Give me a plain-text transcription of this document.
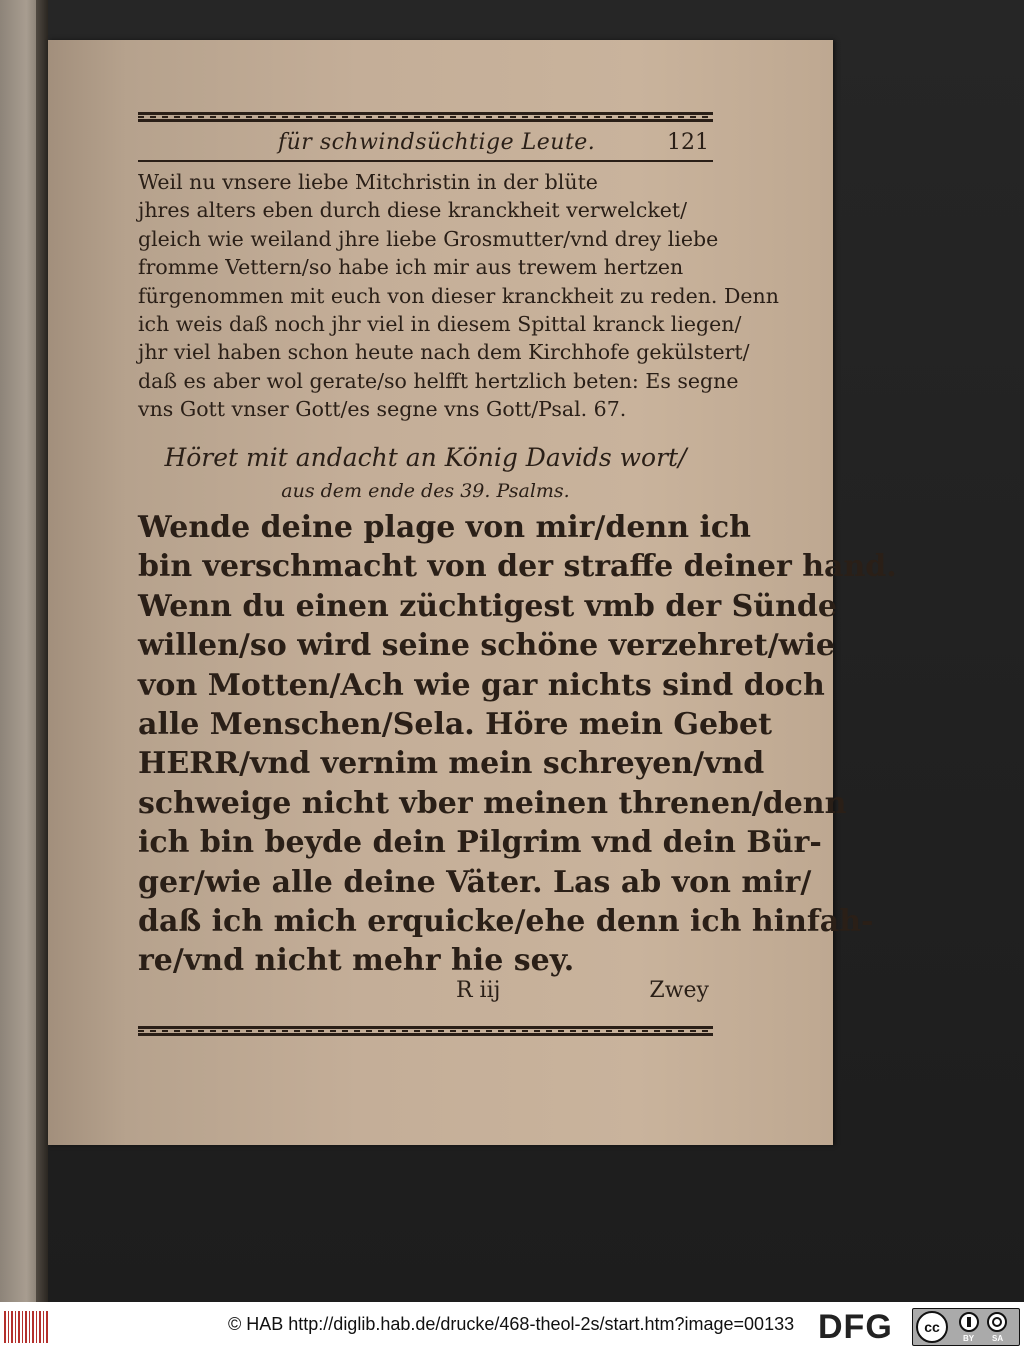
für schwindsüchtige Leute.	121
Weil nu vnsere liebe Mitchristin in der blüte
jhres alters eben durch diese kranckheit verwelcket/
gleich wie weiland jhre liebe Grosmutter/vnd drey liebe
fromme Vettern/so habe ich mir aus trewem hertzen
fürgenommen mit euch von dieser kranckheit zu reden. Denn
ich weis daß noch jhr viel in diesem Spittal kranck liegen/
jhr viel haben schon heute nach dem Kirchhofe gekülstert/
daß es aber wol gerate/so helfft hertzlich beten: Es segne
vns Gott vnser Gott/es segne vns Gott/Psal. 67.
Höret mit andacht an König Davids wort/
aus dem ende des 39. Psalms.
Wende deine plage von mir/denn ich
bin verschmacht von der straffe deiner hand.
Wenn du einen züchtigest vmb der Sünde
willen/so wird seine schöne verzehret/wie
von Motten/Ach wie gar nichts sind doch
alle Menschen/Sela. Höre mein Gebet
HERR/vnd vernim mein schreyen/vnd
schweige nicht vber meinen threnen/denn
ich bin beyde dein Pilgrim vnd dein Bür-
ger/wie alle deine Väter. Las ab von mir/
daß ich mich erquicke/ehe denn ich hinfah-
re/vnd nicht mehr hie sey.
R iij	Zwey
© HAB http://diglib.hab.de/drucke/468-theol-2s/start.htm?image=00133 DFG	cc
BY SA
